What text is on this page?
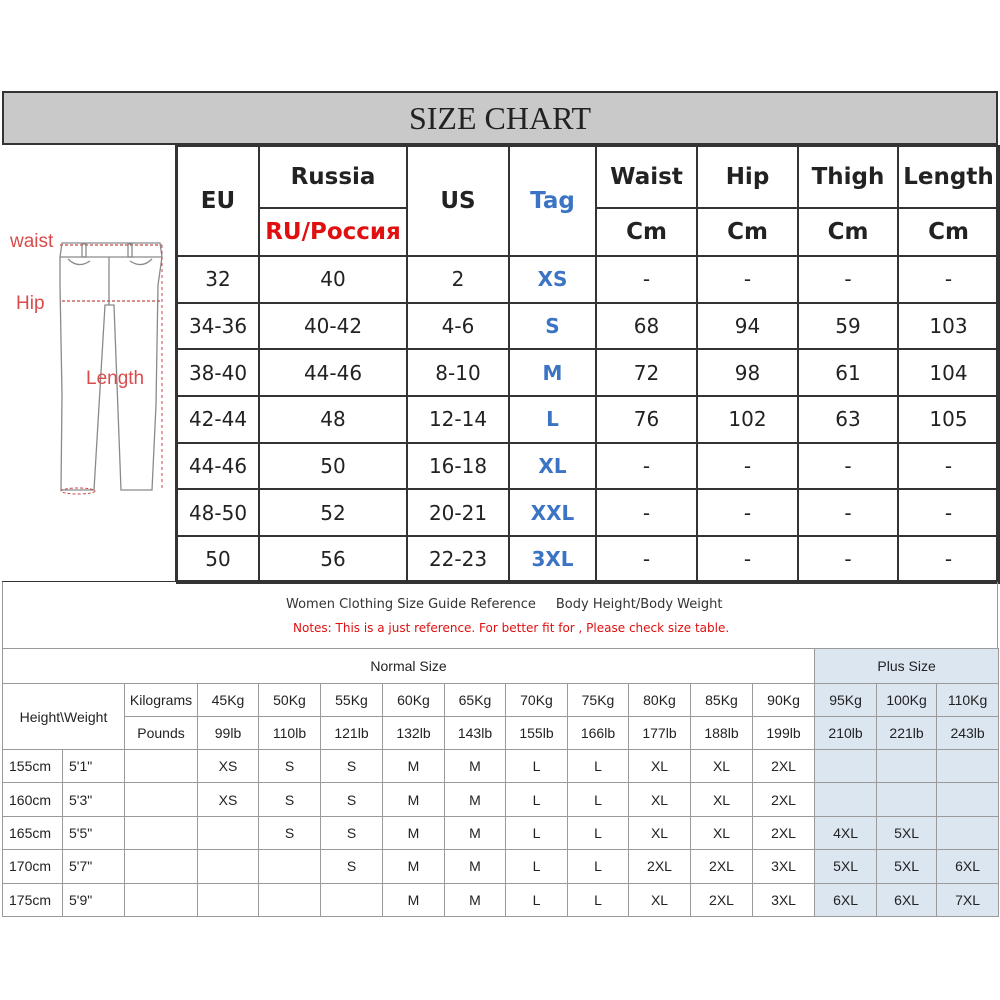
SIZE CHART
waist
Hip
Length
EU	Russia	US	Tag	Waist	Hip	Thigh	Length
	RU/Россия			Cm	Cm	Cm	Cm
32	40	2	XS	-	-	-	-
34-36	40-42	4-6	S	68	94	59	103
38-40	44-46	8-10	M	72	98	61	104
42-44	48	12-14	L	76	102	63	105
44-46	50	16-18	XL	-	-	-	-
48-50	52	20-21	XXL	-	-	-	-
50	56	22-23	3XL	-	-	-	-
Women Clothing Size Guide Reference Body Height/Body Weight
Notes: This is a just reference. For better fit for , Please check size table.
Normal Size													Plus Size		
Height\Weight		Kilograms	45Kg	50Kg	55Kg	60Kg	65Kg	70Kg	75Kg	80Kg	85Kg	90Kg	95Kg	100Kg	110Kg
		Pounds	99lb	110lb	121lb	132lb	143lb	155lb	166lb	177lb	188lb	199lb	210lb	221lb	243lb
155cm	5'1"		XS	S	S	M	M	L	L	XL	XL	2XL			
160cm	5'3"		XS	S	S	M	M	L	L	XL	XL	2XL			
165cm	5'5"			S	S	M	M	L	L	XL	XL	2XL	4XL	5XL	
170cm	5'7"				S	M	M	L	L	2XL	2XL	3XL	5XL	5XL	6XL
175cm	5'9"					M	M	L	L	XL	2XL	3XL	6XL	6XL	7XL
